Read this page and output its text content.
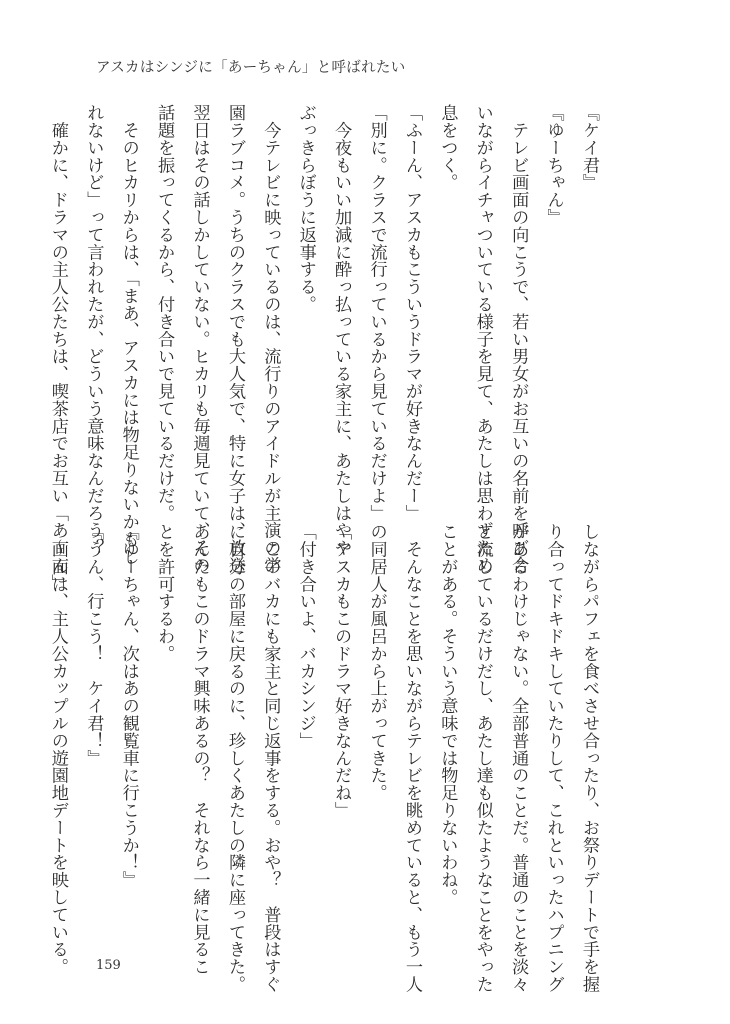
アスカはシンジに「あーちゃん」と呼ばれたい
『ケイ君』
『ゆーちゃん』
　テレビ画面の向こうで、若い男女がお互いの名前を呼び合
いながらイチャついている様子を見て、あたしは思わずため
息をつく。
「ふーん、アスカもこういうドラマが好きなんだー」
「別に。クラスで流行っているから見ているだけよ」
　今夜もいい加減に酔っ払っている家主に、あたしはやや
ぶっきらぼうに返事する。
　今テレビに映っているのは、流行りのアイドルが主演の学
園ラブコメ。うちのクラスでも大人気で、特に女子は、放送
翌日はその話しかしていない。ヒカリも毎週見ていて、その
話題を振ってくるから、付き合いで見ているだけだ。
　そのヒカリからは、「まあ、アスカには物足りないかもし
れないけど」って言われたが、どういう意味なんだろう？
　確かに、ドラマの主人公たちは、喫茶店でお互い「あ〜ん」
しながらパフェを食べさせ合ったり、お祭りデートで手を握
り合ってドキドキしていたりして、これといったハプニング
があるわけじゃない。全部普通のことだ。普通のことを淡々
と流しているだけだし、あたし達も似たようなことをやった
ことがある。そういう意味では物足りないわね。
　そんなことを思いながらテレビを眺めていると、もう一人
の同居人が風呂から上がってきた。
「アスカもこのドラマ好きなんだね」
「付き合いよ、バカシンジ」
　このバカにも家主と同じ返事をする。おや？　普段はすぐ
に自分の部屋に戻るのに、珍しくあたしの隣に座ってきた。
あんたもこのドラマ興味あるの？　それなら一緒に見るこ
とを許可するわ。
『ゆーちゃん、次はあの観覧車に行こうか！』
『うん、行こう！　ケイ君！』
　画面は、主人公カップルの遊園地デートを映している。	159
